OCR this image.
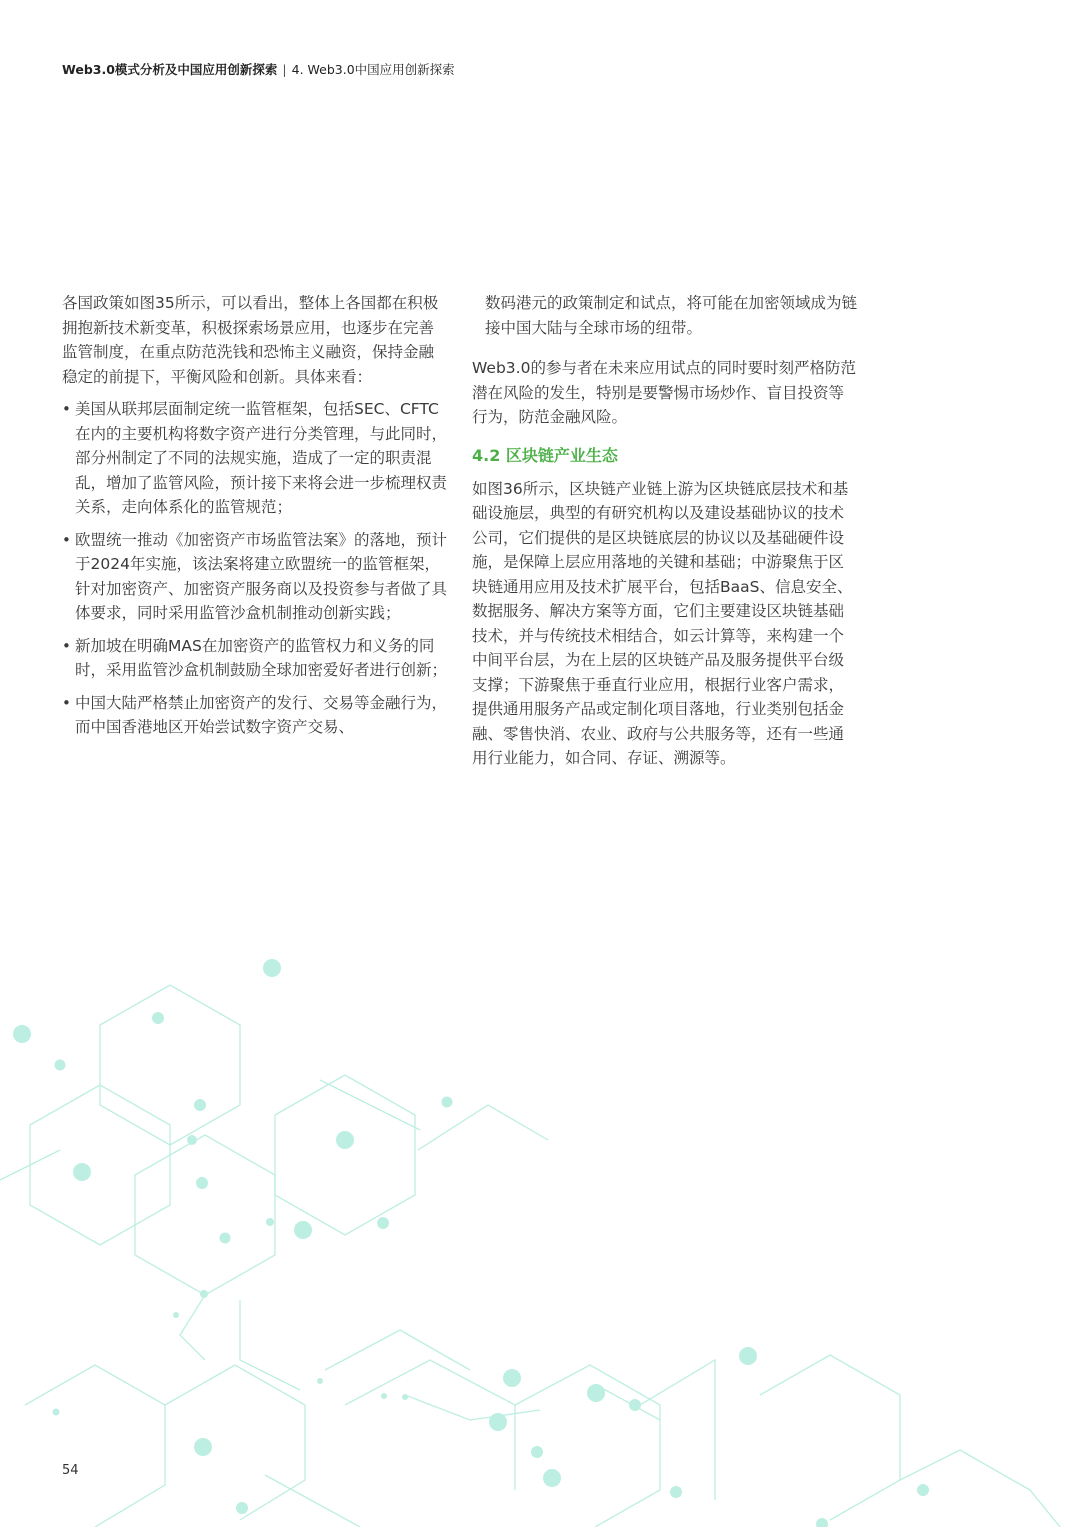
Web3.0模式分析及中国应用创新探索 | 4. Web3.0中国应用创新探索

各国政策如图35所示，可以看出，整体上各国都在积极拥抱新技术新变革，积极探索场景应用，也逐步在完善监管制度，在重点防范洗钱和恐怖主义融资，保持金融稳定的前提下，平衡风险和创新。具体来看：

• 美国从联邦层面制定统一监管框架，包括SEC、CFTC在内的主要机构将数字资产进行分类管理，与此同时，部分州制定了不同的法规实施，造成了一定的职责混乱，增加了监管风险，预计接下来将会进一步梳理权责关系，走向体系化的监管规范；
• 欧盟统一推动《加密资产市场监管法案》的落地，预计于2024年实施，该法案将建立欧盟统一的监管框架，针对加密资产、加密资产服务商以及投资参与者做了具体要求，同时采用监管沙盒机制推动创新实践；
• 新加坡在明确MAS在加密资产的监管权力和义务的同时，采用监管沙盒机制鼓励全球加密爱好者进行创新；
• 中国大陆严格禁止加密资产的发行、交易等金融行为，而中国香港地区开始尝试数字资产交易、

数码港元的政策制定和试点，将可能在加密领域成为链接中国大陆与全球市场的纽带。

Web3.0的参与者在未来应用试点的同时要时刻严格防范潜在风险的发生，特别是要警惕市场炒作、盲目投资等行为，防范金融风险。

4.2 区块链产业生态

如图36所示，区块链产业链上游为区块链底层技术和基础设施层，典型的有研究机构以及建设基础协议的技术公司，它们提供的是区块链底层的协议以及基础硬件设施，是保障上层应用落地的关键和基础；中游聚焦于区块链通用应用及技术扩展平台，包括BaaS、信息安全、数据服务、解决方案等方面，它们主要建设区块链基础技术，并与传统技术相结合，如云计算等，来构建一个中间平台层，为在上层的区块链产品及服务提供平台级支撑；下游聚焦于垂直行业应用，根据行业客户需求，提供通用服务产品或定制化项目落地，行业类别包括金融、零售快消、农业、政府与公共服务等，还有一些通用行业能力，如合同、存证、溯源等。

54
